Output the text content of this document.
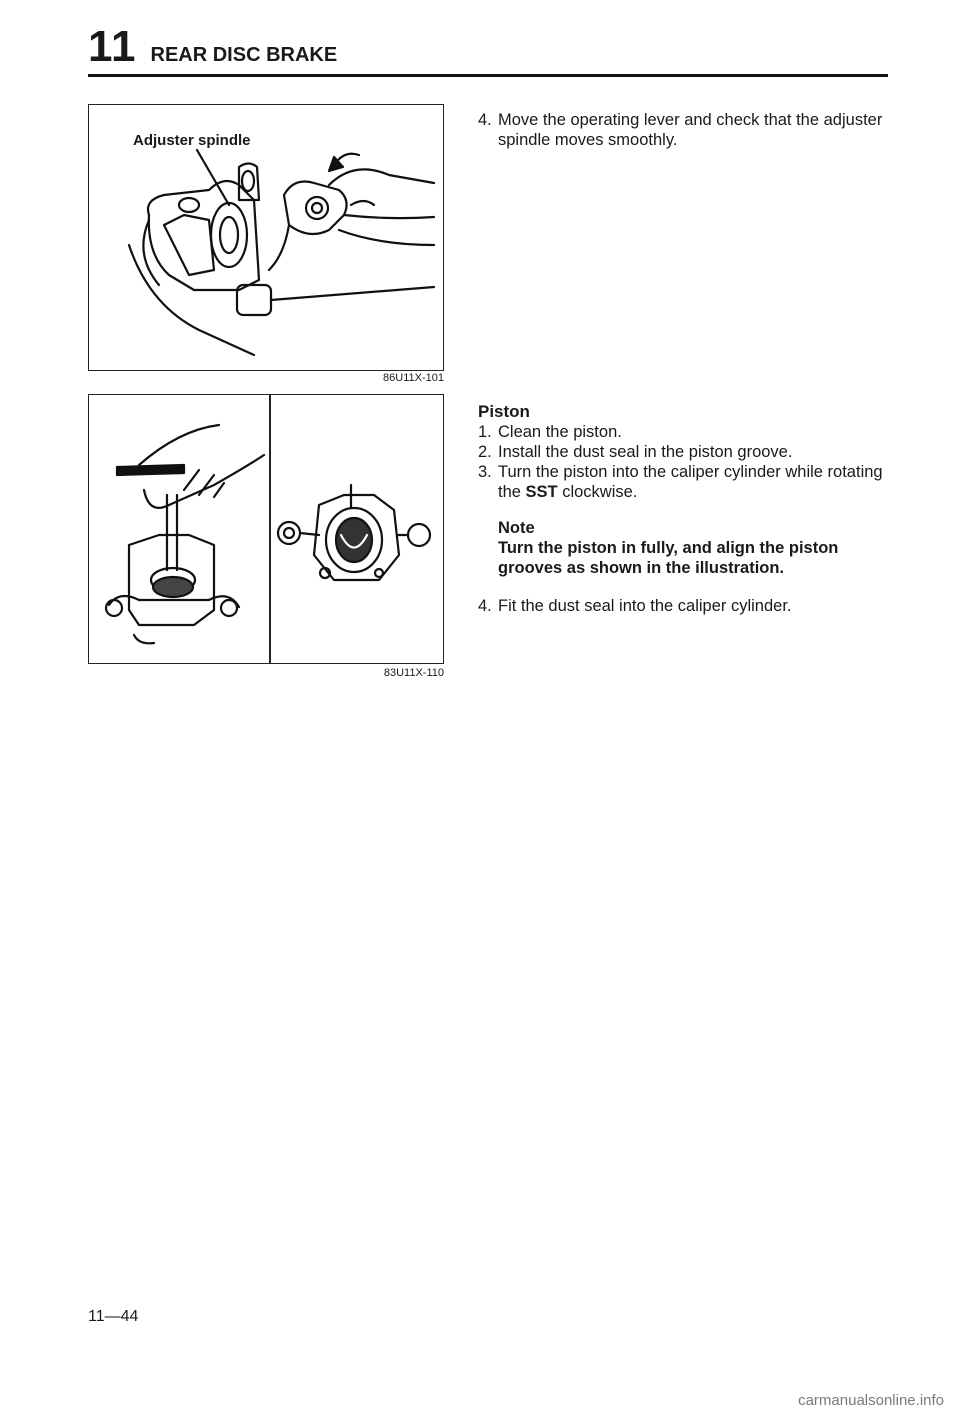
11 REAR DISC BRAKE
Adjuster spindle
86U11X-101
83U11X-110
4. Move the operating lever and check that the adjuster spindle moves smoothly.
Piston
1. Clean the piston.
2. Install the dust seal in the piston groove.
3. Turn the piston into the caliper cylinder while rotating the SST clockwise.
Note
Turn the piston in fully, and align the piston grooves as shown in the illustration.
4. Fit the dust seal into the caliper cylinder.
11—44
carmanualsonline.info
